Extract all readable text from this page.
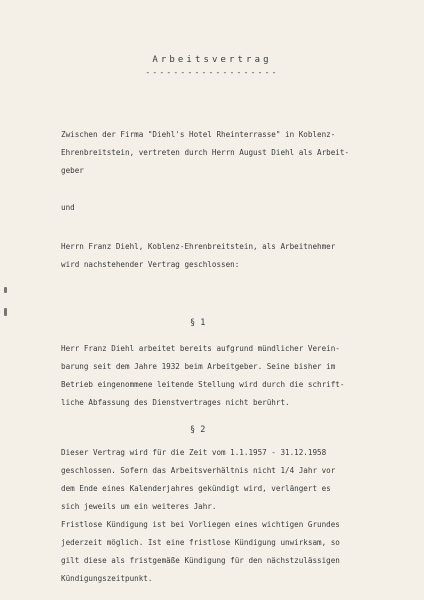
Arbeitsvertrag
-------------------
Zwischen der Firma "Diehl's Hotel Rheinterrasse" in Koblenz-
Ehrenbreitstein, vertreten durch Herrn August Diehl als Arbeit-
geber
und
Herrn Franz Diehl, Koblenz-Ehrenbreitstein, als Arbeitnehmer
wird nachstehender Vertrag geschlossen:
§ 1
Herr Franz Diehl arbeitet bereits aufgrund mündlicher Verein-
barung seit dem Jahre 1932 beim Arbeitgeber. Seine bisher im
Betrieb eingenommene leitende Stellung wird durch die schrift-
liche Abfassung des Dienstvertrages nicht berührt.
§ 2
Dieser Vertrag wird für die Zeit vom 1.1.1957 - 31.12.1958
geschlossen. Sofern das Arbeitsverhältnis nicht 1/4 Jahr vor
dem Ende eines Kalenderjahres gekündigt wird, verlängert es
sich jeweils um ein weiteres Jahr.
Fristlose Kündigung ist bei Vorliegen eines wichtigen Grundes
jederzeit möglich. Ist eine fristlose Kündigung unwirksam, so
gilt diese als fristgemäße Kündigung für den nächstzulässigen
Kündigungszeitpunkt.
